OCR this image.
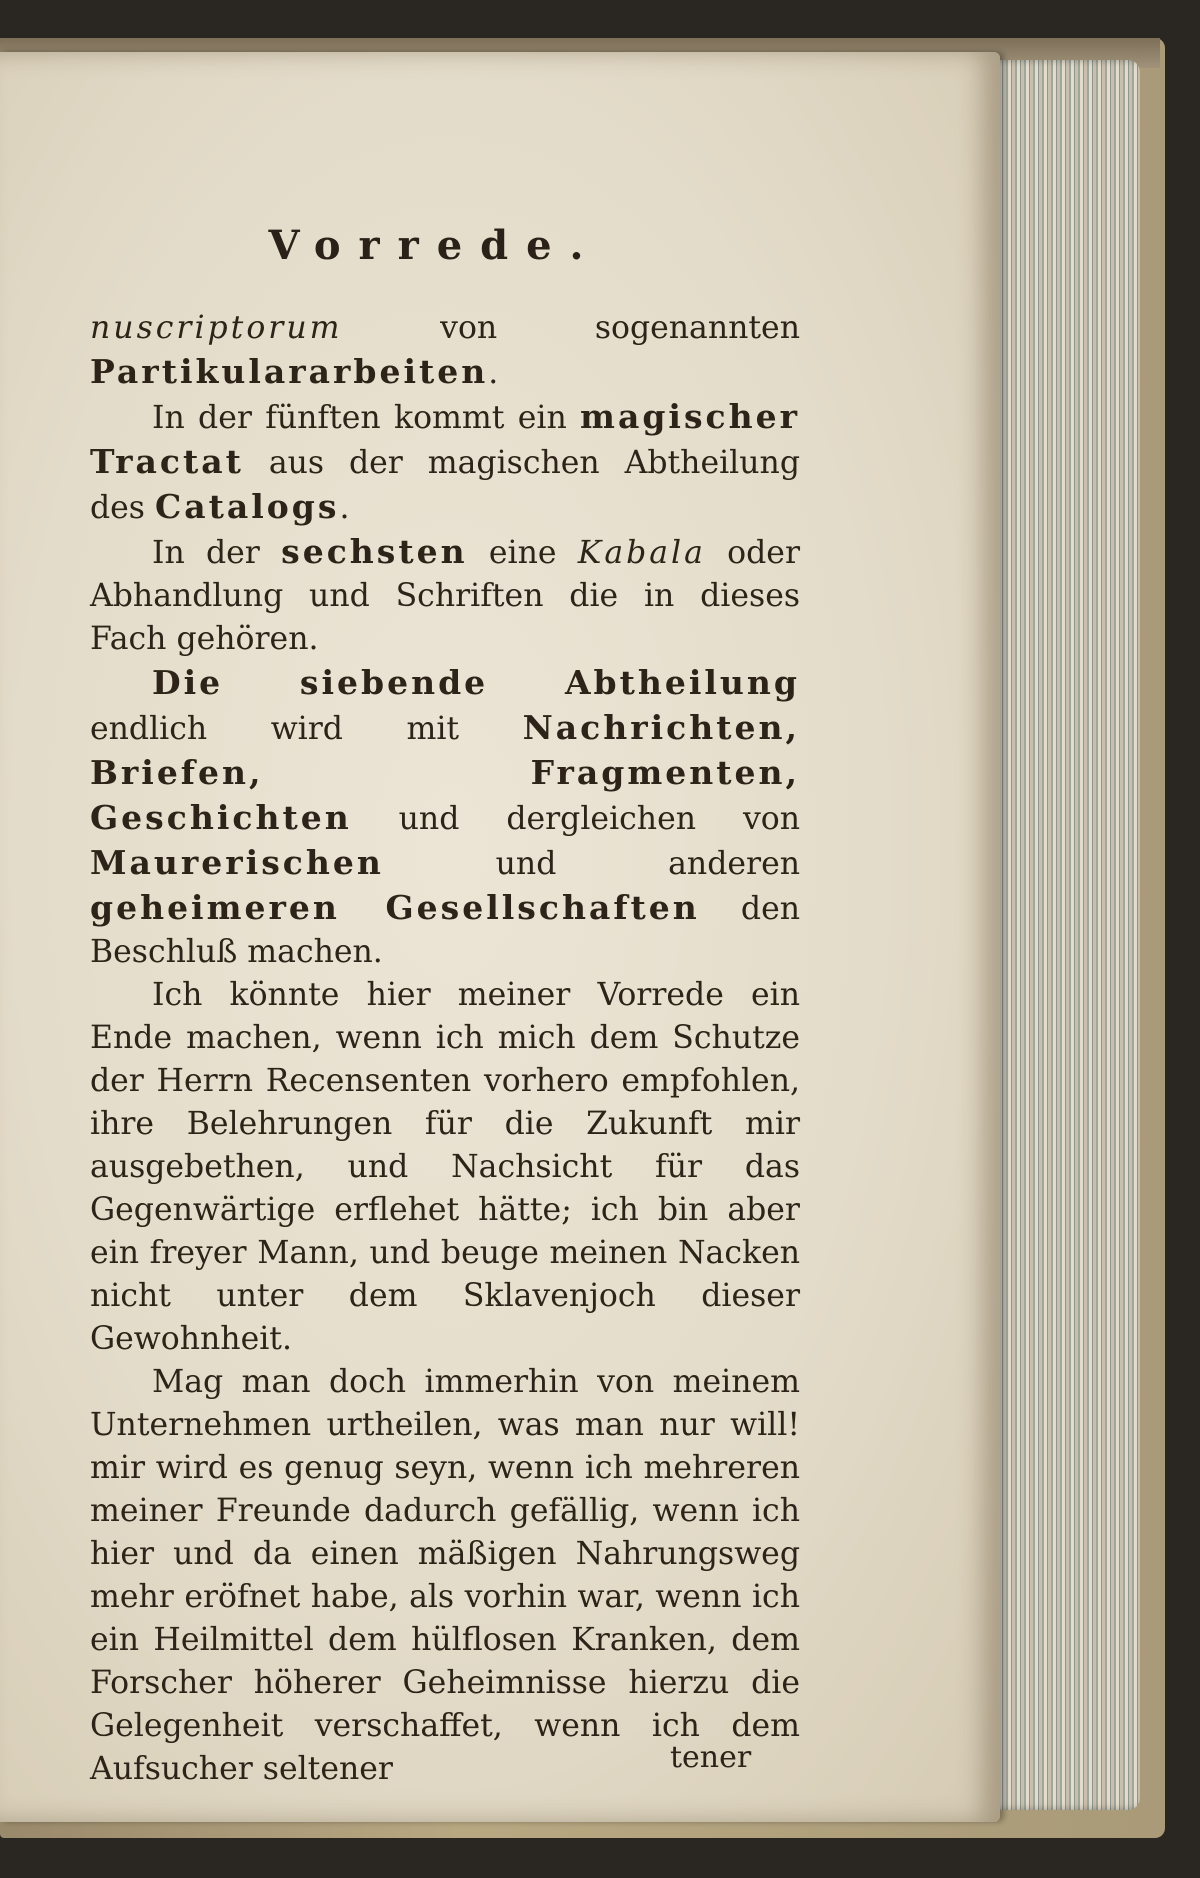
Vorrede.

nuscriptorum von sogenannten Partikulararbeiten.

In der fünften kommt ein magischer Tractat aus der magischen Abtheilung des Catalogs.

In der sechsten eine Kabala oder Abhandlung und Schriften die in dieses Fach gehören.

Die siebende Abtheilung endlich wird mit Nachrichten, Briefen, Fragmenten, Geschichten und dergleichen von Maurerischen und anderen geheimeren Gesellschaften den Beschluß machen.

Ich könnte hier meiner Vorrede ein Ende machen, wenn ich mich dem Schutze der Herrn Recensenten vorhero empfohlen, ihre Belehrungen für die Zukunft mir ausgebethen, und Nachsicht für das Gegenwärtige erflehet hätte; ich bin aber ein freyer Mann, und beuge meinen Nacken nicht unter dem Sklavenjoch dieser Gewohnheit.

Mag man doch immerhin von meinem Unternehmen urtheilen, was man nur will! mir wird es genug seyn, wenn ich mehreren meiner Freunde dadurch gefällig, wenn ich hier und da einen mäßigen Nahrungsweg mehr eröfnet habe, als vorhin war, wenn ich ein Heilmittel dem hülflosen Kranken, dem Forscher höherer Geheimnisse hierzu die Gelegenheit verschaffet, wenn ich dem Aufsucher seltener	tener
